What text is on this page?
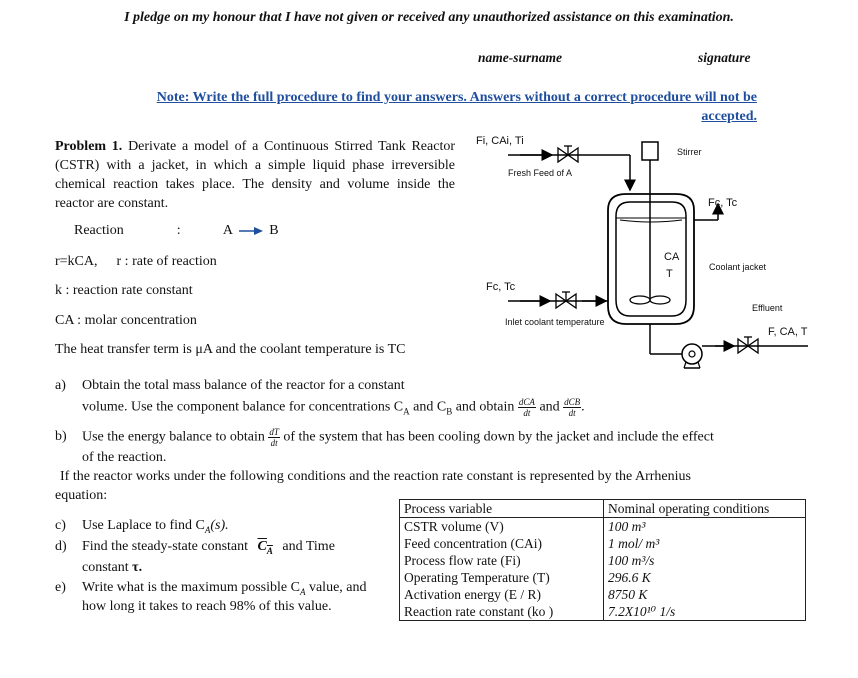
I pledge on my honour that I have not given or received any unauthorized assistance on this examination.
name-surname	signature
Note: Write the full procedure to find your answers. Answers without a correct procedure will not be accepted.
Problem 1. Derivate a model of a Continuous Stirred Tank Reactor (CSTR) with a jacket, in which a simple liquid phase irreversible chemical reaction takes place. The density and volume inside the reactor are constant.
Reaction	:	A → B
r=kCA, r : rate of reaction
k : reaction rate constant
CA : molar concentration
The heat transfer term is μA and the coolant temperature is TC
a) Obtain the total mass balance of the reactor for a constant
volume. Use the component balance for concentrations $C_A$ and $C_B$ and obtain $\frac{\text{dCA}}{dt}$ and $\frac{\text{dCB}}{dt}$ .
b) Use the energy balance to obtain $\frac{dT}{dt}$ of the system that has been cooling down by the jacket and include the effect
of the reaction.
If the reactor works under the following conditions and the reaction rate constant is represented by the Arrhenius
equation:
c) Use Laplace to find $C_A(s)$.
d) Find the steady-state constant $C_A$ and Time
constant τ.
e) Write what is the maximum possible $C_A$ value, and
how long it takes to reach 98% of this value.
Process variable	Nominal operating conditions
CSTR volume (V)	100 m³
Feed concentration (CAi)	1 mol/ m³
Process flow rate (Fi)	100 m³/s
Operating Temperature (T)	296.6 K
Activation energy (E / R)	8750 K
Reaction rate constant (ko )	7.2X10¹⁰ 1/s
Fi, CAi, Ti
Fresh Feed of A
Stirrer
Fc, Tc
CA
T
Coolant jacket
Fc, Tc
Inlet coolant temperature
Effluent
F, CA, T
